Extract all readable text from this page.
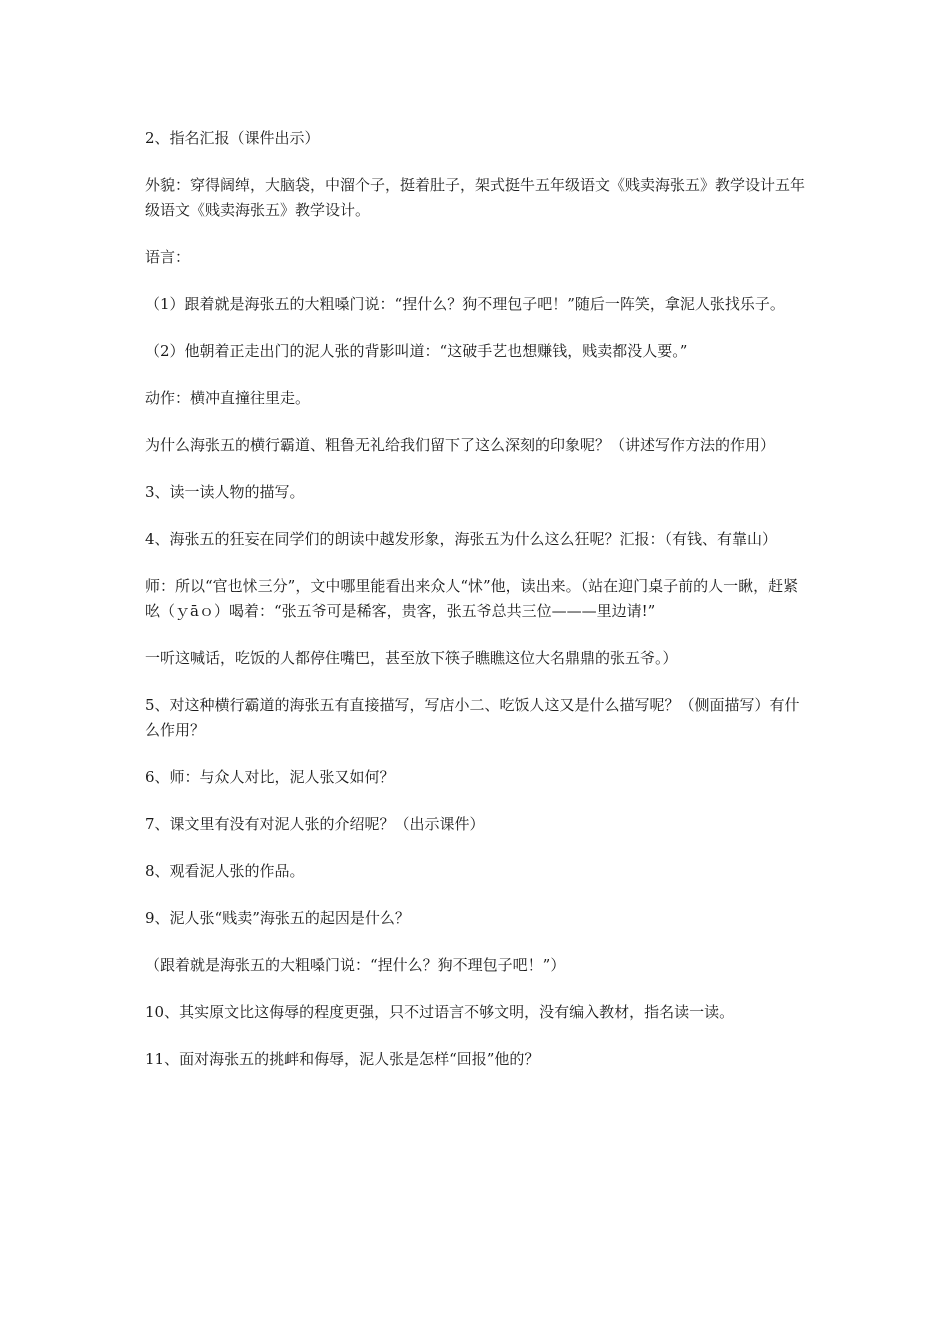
2、指名汇报（课件出示）

外貌：穿得阔绰，大脑袋，中溜个子，挺着肚子，架式挺牛五年级语文《贱卖海张五》教学设计五年级语文《贱卖海张五》教学设计。

语言：

（1）跟着就是海张五的大粗嗓门说：“捏什么？狗不理包子吧！”随后一阵笑，拿泥人张找乐子。

（2）他朝着正走出门的泥人张的背影叫道：“这破手艺也想赚钱，贱卖都没人要。”

动作：横冲直撞往里走。

为什么海张五的横行霸道、粗鲁无礼给我们留下了这么深刻的印象呢？（讲述写作方法的作用）

3、读一读人物的描写。

4、海张五的狂妄在同学们的朗读中越发形象，海张五为什么这么狂呢？汇报：（有钱、有靠山）

师：所以“官也怵三分”，文中哪里能看出来众人“怵”他，读出来。（站在迎门桌子前的人一瞅，赶紧吆（ｙāｏ）喝着：“张五爷可是稀客，贵客，张五爷总共三位———里边请!”

一听这喊话，吃饭的人都停住嘴巴，甚至放下筷子瞧瞧这位大名鼎鼎的张五爷。）

5、对这种横行霸道的海张五有直接描写，写店小二、吃饭人这又是什么描写呢？（侧面描写）有什么作用？

6、师：与众人对比，泥人张又如何？

7、课文里有没有对泥人张的介绍呢？（出示课件）

8、观看泥人张的作品。

9、泥人张“贱卖”海张五的起因是什么？

（跟着就是海张五的大粗嗓门说：“捏什么？狗不理包子吧！”）

10、其实原文比这侮辱的程度更强，只不过语言不够文明，没有编入教材，指名读一读。

11、面对海张五的挑衅和侮辱，泥人张是怎样“回报”他的？
